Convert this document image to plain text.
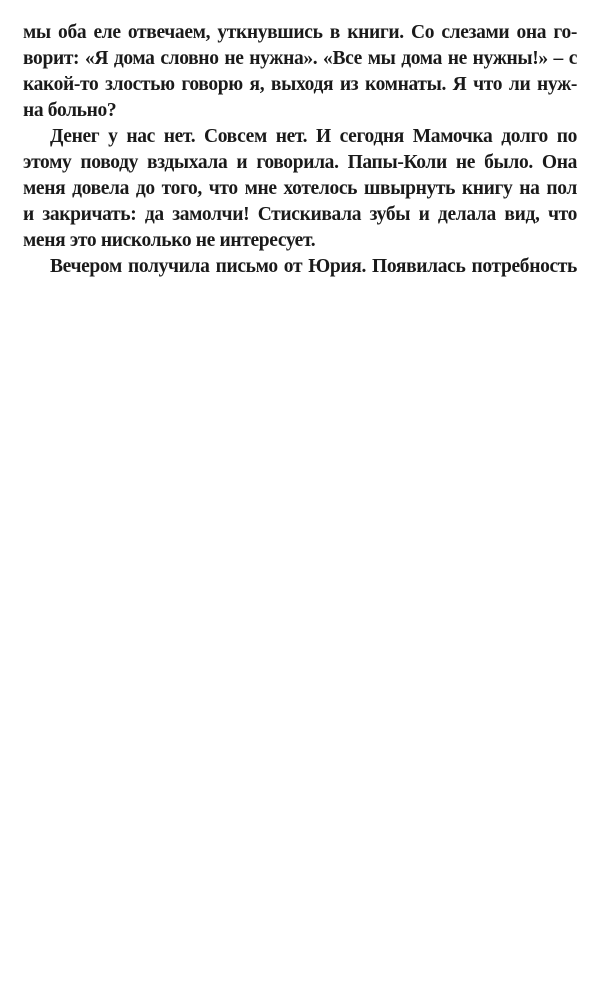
мы оба еле отвечаем, уткнувшись в книги. Со слезами она го-
ворит: «Я дома словно не нужна». «Все мы дома не нужны!» – с
какой-то злостью говорю я, выходя из комнаты. Я что ли нуж-
на больно?
Денег у нас нет. Совсем нет. И сегодня Мамочка долго по
этому поводу вздыхала и говорила. Папы-Коли не было. Она
меня довела до того, что мне хотелось швырнуть книгу на пол
и закричать: да замолчи! Стискивала зубы и делала вид, что
меня это нисколько не интересует.
Вечером получила письмо от Юрия. Появилась потребность
